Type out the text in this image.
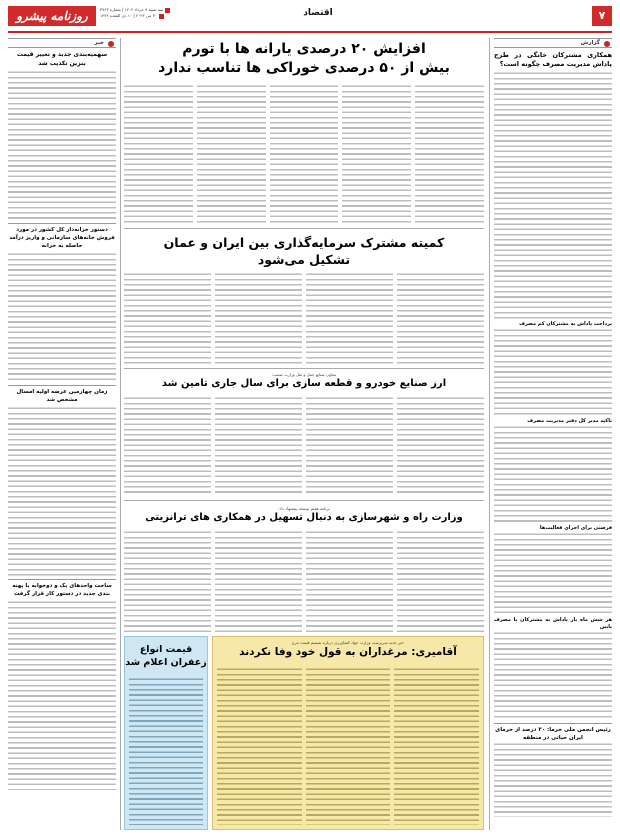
۷
اقتصاد
سه شنبه ۹ خرداد ۱۴۰۲ | شماره ۳۷۶۳
۳۰ می ۲۰۲۳ | ۱۰ ذی القعده ۱۴۴۴
روزنامه پیشرو
گزارش
همکاری مشترکان خانگی در طرح پاداش مدیریت مصرف چگونه است؟
پرداخت پاداش به مشترکان کم مصرف
تاکید مدیر کل دفتر مدیریت مصرف
فرصتی برای اجرای فعالیت‌ها
هر شش ماه بار پاداش به مشترکان با مصرف پایین
رئیس انجمن ملی خرما: ۳۰ درصد از خرمای ایران حیاتی در منطقه
خبر
سهمیه‌بندی جدید و تغییر قیمت بنزین تکذیب شد
دستور خزانه‌دار کل کشور در مورد فروش خانه‌های سازمانی و واریز درآمد حاصله به خزانه
زمان چهارمین عرضه اولیه امسال مشخص شد
ساخت واحدهای یک و دوخوابه با پهنه بندی جدید در دستور کار قرار گرفت
افزایش ۲۰ درصدی یارانه ها با تورم
بیش از ۵۰ درصدی خوراکی ها تناسب ندارد
کمیته مشترک سرمایه‌گذاری بین ایران و عمان
تشکیل می‌شود
معاون صنایع حمل و نقل وزارت صمت:
ارز صنایع خودرو و قطعه سازی برای سال جاری تامین شد
برنامه هفتم توسعه پیشنهاد داد:
وزارت راه و شهرسازی به دنبال تسهیل در همکاری های ترانزیتی
خبر جدید سرپرست وزارت جهاد کشاورزی درباره تصمیم قیمت مرغ
آقامیری: مرغداران به قول خود وفا نکردند
قیمت انواع
زعفران اعلام شد
